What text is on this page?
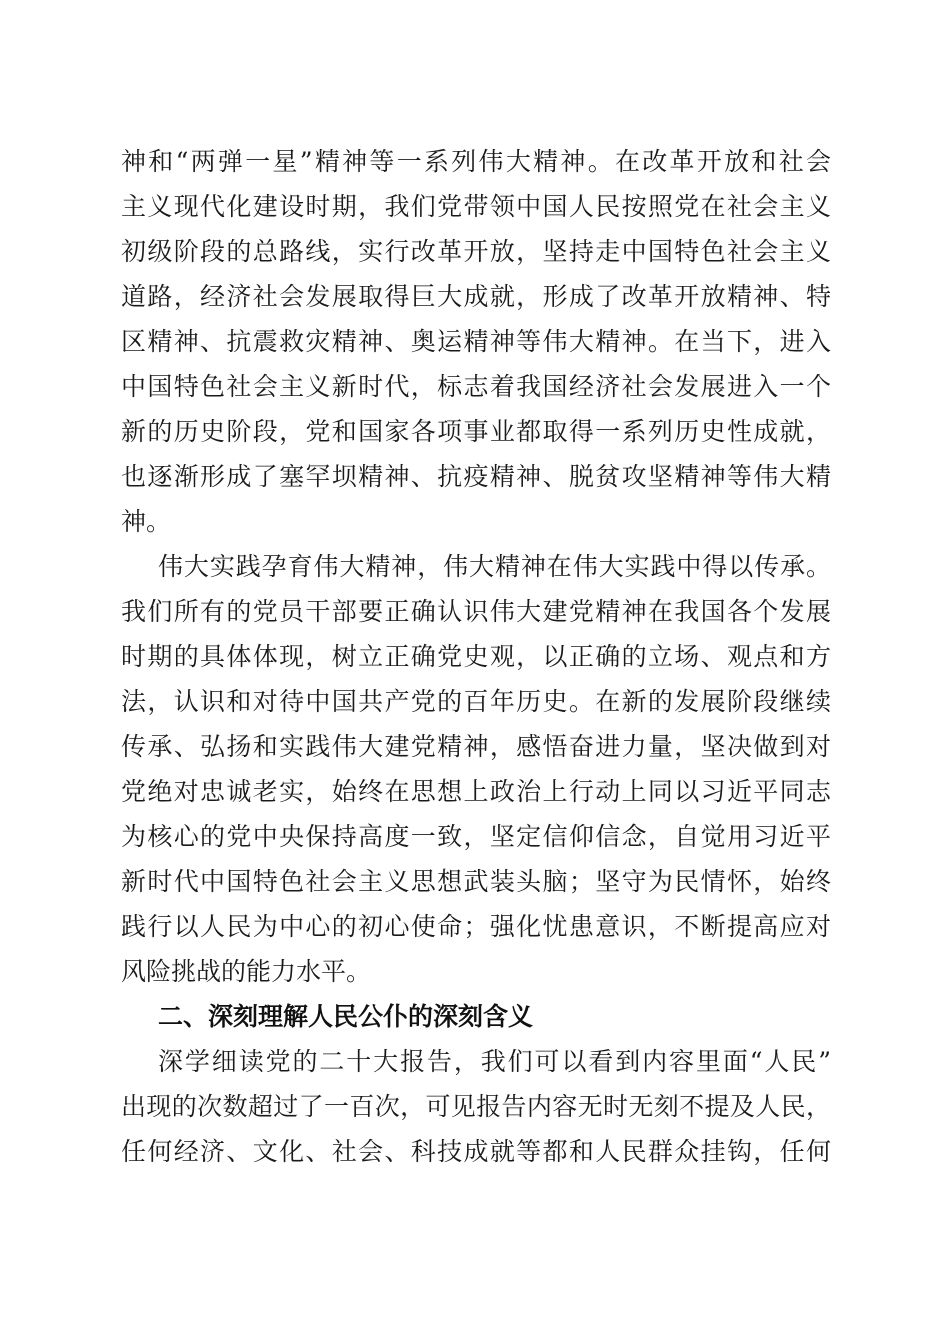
神和“两弹一星”精神等一系列伟大精神。在改革开放和社会
主义现代化建设时期，我们党带领中国人民按照党在社会主义
初级阶段的总路线，实行改革开放，坚持走中国特色社会主义
道路，经济社会发展取得巨大成就，形成了改革开放精神、特
区精神、抗震救灾精神、奥运精神等伟大精神。在当下，进入
中国特色社会主义新时代，标志着我国经济社会发展进入一个
新的历史阶段，党和国家各项事业都取得一系列历史性成就，
也逐渐形成了塞罕坝精神、抗疫精神、脱贫攻坚精神等伟大精
神。
伟大实践孕育伟大精神，伟大精神在伟大实践中得以传承。
我们所有的党员干部要正确认识伟大建党精神在我国各个发展
时期的具体体现，树立正确党史观，以正确的立场、观点和方
法，认识和对待中国共产党的百年历史。在新的发展阶段继续
传承、弘扬和实践伟大建党精神，感悟奋进力量，坚决做到对
党绝对忠诚老实，始终在思想上政治上行动上同以习近平同志
为核心的党中央保持高度一致，坚定信仰信念，自觉用习近平
新时代中国特色社会主义思想武装头脑；坚守为民情怀，始终
践行以人民为中心的初心使命；强化忧患意识，不断提高应对
风险挑战的能力水平。
二、深刻理解人民公仆的深刻含义
深学细读党的二十大报告，我们可以看到内容里面“人民”
出现的次数超过了一百次，可见报告内容无时无刻不提及人民，
任何经济、文化、社会、科技成就等都和人民群众挂钩，任何
